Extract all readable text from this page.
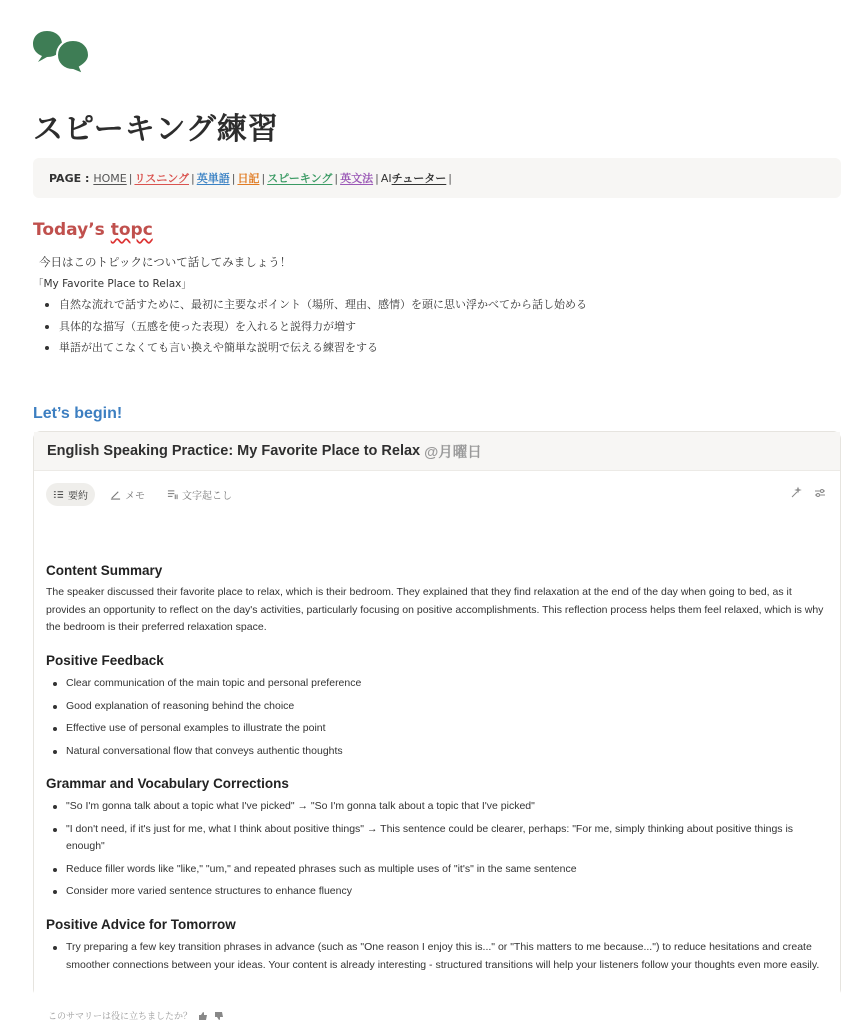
スピーキング練習
PAGE : HOME | リスニング | 英単語 | 日記 | スピーキング | 英文法 | AI チューター |
Today’s topc
今日はこのトピックについて話してみましょう！
「My Favorite Place to Relax」
自然な流れで話すために、最初に主要なポイント（場所、理由、感情）を頭に思い浮かべてから話し始める
具体的な描写（五感を使った表現）を入れると説得力が増す
単語が出てこなくても言い換えや簡単な説明で伝える練習をする
Let’s begin!
English Speaking Practice: My Favorite Place to Relax @月曜日
要約	メモ	文字起こし
Content Summary

The speaker discussed their favorite place to relax, which is their bedroom. They explained that they find relaxation at the end of the day when going to bed, as it provides an opportunity to reflect on the day's activities, particularly focusing on positive accomplishments. This reflection process helps them feel relaxed, which is why the bedroom is their preferred relaxation space.

Positive Feedback
Clear communication of the main topic and personal preference
Good explanation of reasoning behind the choice
Effective use of personal examples to illustrate the point
Natural conversational flow that conveys authentic thoughts
Grammar and Vocabulary Corrections
"So I'm gonna talk about a topic what I've picked" → "So I'm gonna talk about a topic that I've picked"
"I don't need, if it's just for me, what I think about positive things" → This sentence could be clearer, perhaps: "For me, simply thinking about positive things is enough"
Reduce filler words like "like," "um," and repeated phrases such as multiple uses of "it's" in the same sentence
Consider more varied sentence structures to enhance fluency
Positive Advice for Tomorrow
Try preparing a few key transition phrases in advance (such as "One reason I enjoy this is..." or "This matters to me because...") to reduce hesitations and create smoother connections between your ideas. Your content is already interesting - structured transitions will help your listeners follow your thoughts even more easily.
このサマリーは役に立ちましたか？
